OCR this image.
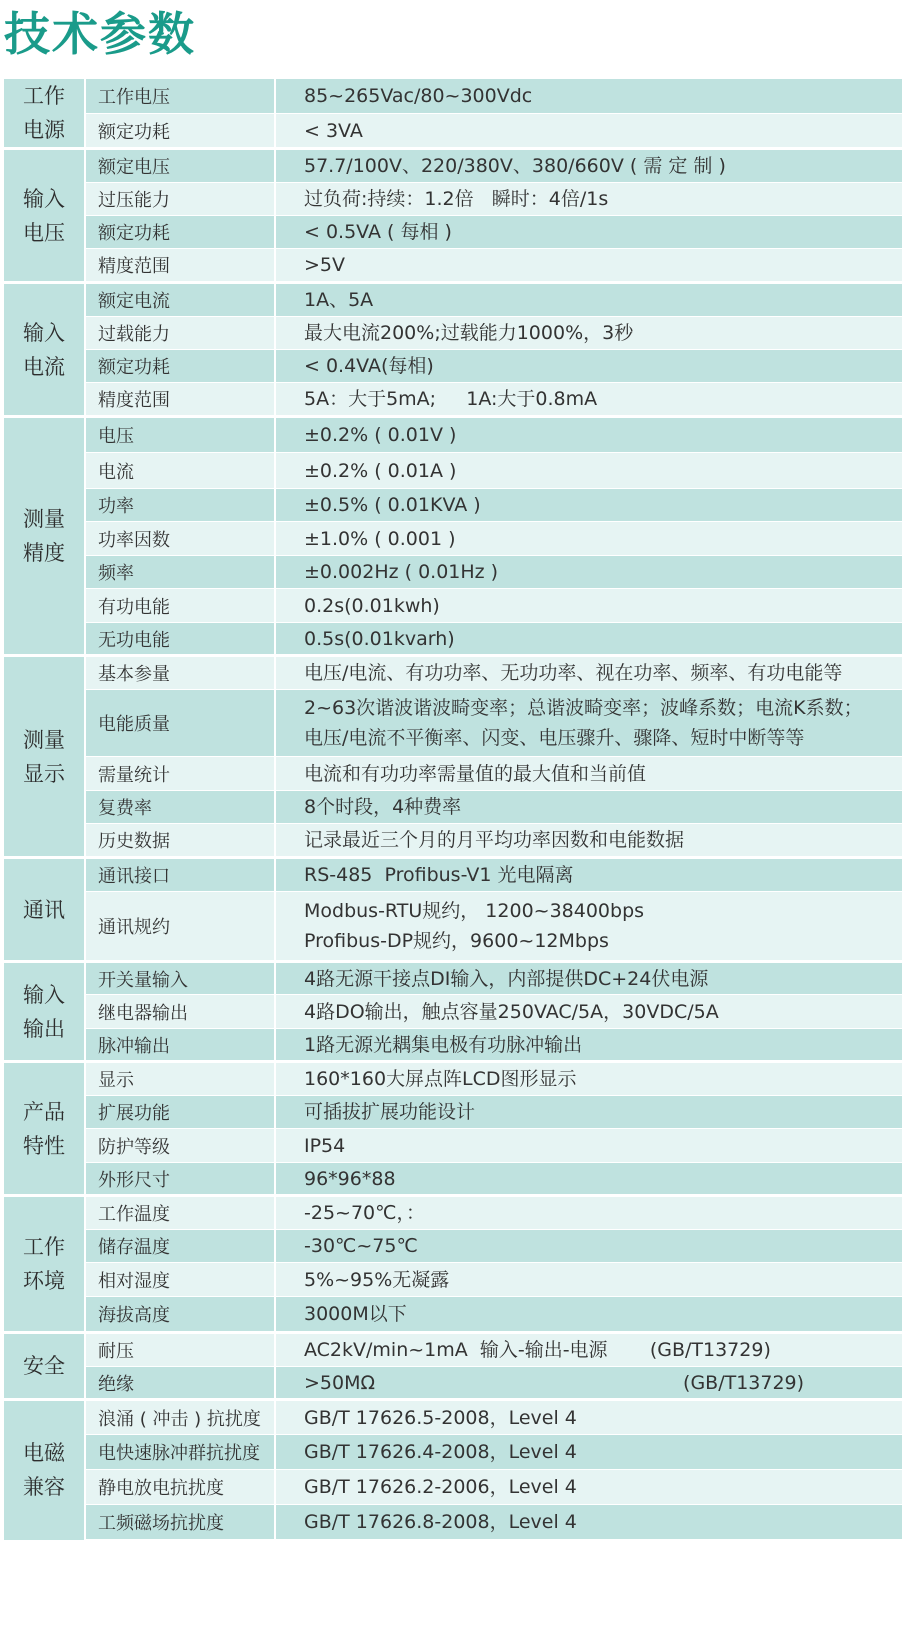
技术参数
工作
电源	工作电压	85~265Vac/80~300Vdc

	额定功耗	< 3VA

输入
电压	额定电压	57.7/100V、220/380V、380/660V ( 需 定 制 )

	过压能力	过负荷:持续：1.2倍   瞬时：4倍/1s

	额定功耗	< 0.5VA ( 每相 )

	精度范围	>5V

输入
电流	额定电流	1A、5A

	过载能力	最大电流200%;过载能力1000%，3秒

	额定功耗	< 0.4VA(每相)

	精度范围	5A：大于5mA;     1A:大于0.8mA

测量
精度	电压	±0.2% ( 0.01V )

	电流	±0.2% ( 0.01A )

	功率	±0.5% ( 0.01KVA )

	功率因数	±1.0% ( 0.001 )

	频率	±0.002Hz ( 0.01Hz )

	有功电能	0.2s(0.01kwh)

	无功电能	0.5s(0.01kvarh)

测量
显示	基本参量	电压/电流、有功功率、无功功率、视在功率、频率、有功电能等

	电能质量	2~63次谐波谐波畸变率；总谐波畸变率；波峰系数；电流K系数；
电压/电流不平衡率、闪变、电压骤升、骤降、短时中断等等

	需量统计	电流和有功功率需量值的最大值和当前值

	复费率	8个时段，4种费率

	历史数据	记录最近三个月的月平均功率因数和电能数据

通讯	通讯接口	RS-485  Profibus-V1 光电隔离

	通讯规约	Modbus-RTU规约， 1200~38400bps
Profibus-DP规约，9600~12Mbps

输入
输出	开关量输入	4路无源干接点DI输入，内部提供DC+24伏电源

	继电器输出	4路DO输出，触点容量250VAC/5A，30VDC/5A

	脉冲输出	1路无源光耦集电极有功脉冲输出

产品
特性	显示	160*160大屏点阵LCD图形显示

	扩展功能	可插拔扩展功能设计

	防护等级	IP54

	外形尺寸	96*96*88

工作
环境	工作温度	-25~70℃，：

	储存温度	-30℃~75℃

	相对湿度	5%~95%无凝露

	海拔高度	3000M以下

安全	耐压	AC2kV/min~1mA  输入-输出-电源       (GB/T13729)

	绝缘	>50MΩ                                                   (GB/T13729)

电磁
兼容	浪涌 ( 冲击 ) 抗扰度	GB/T 17626.5-2008，Level 4

	电快速脉冲群抗扰度	GB/T 17626.4-2008，Level 4

	静电放电抗扰度	GB/T 17626.2-2006，Level 4

	工频磁场抗扰度	GB/T 17626.8-2008，Level 4
